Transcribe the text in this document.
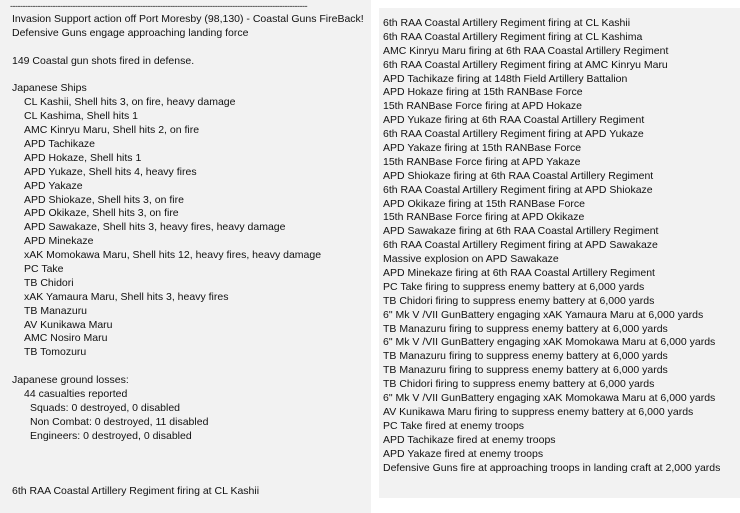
-----------------------------------------------------------------------------------------------------------------------
Invasion Support action off Port Moresby (98,130) - Coastal Guns FireBack!
Defensive Guns engage approaching landing force
149 Coastal gun shots fired in defense.
Japanese Ships
CL Kashii, Shell hits 3, on fire, heavy damage
CL Kashima, Shell hits 1
AMC Kinryu Maru, Shell hits 2, on fire
APD Tachikaze
APD Hokaze, Shell hits 1
APD Yukaze, Shell hits 4, heavy fires
APD Yakaze
APD Shiokaze, Shell hits 3, on fire
APD Okikaze, Shell hits 3, on fire
APD Sawakaze, Shell hits 3, heavy fires, heavy damage
APD Minekaze
xAK Momokawa Maru, Shell hits 12, heavy fires, heavy damage
PC Take
TB Chidori
xAK Yamaura Maru, Shell hits 3, heavy fires
TB Manazuru
AV Kunikawa Maru
AMC Nosiro Maru
TB Tomozuru
Japanese ground losses:
44 casualties reported
Squads: 0 destroyed, 0 disabled
Non Combat: 0 destroyed, 11 disabled
Engineers: 0 destroyed, 0 disabled
6th RAA Coastal Artillery Regiment firing at CL Kashii
6th RAA Coastal Artillery Regiment firing at CL Kashii
6th RAA Coastal Artillery Regiment firing at CL Kashima
AMC Kinryu Maru firing at 6th RAA Coastal Artillery Regiment
6th RAA Coastal Artillery Regiment firing at AMC Kinryu Maru
APD Tachikaze firing at 148th Field Artillery Battalion
APD Hokaze firing at 15th RANBase Force
15th RANBase Force firing at APD Hokaze
APD Yukaze firing at 6th RAA Coastal Artillery Regiment
6th RAA Coastal Artillery Regiment firing at APD Yukaze
APD Yakaze firing at 15th RANBase Force
15th RANBase Force firing at APD Yakaze
APD Shiokaze firing at 6th RAA Coastal Artillery Regiment
6th RAA Coastal Artillery Regiment firing at APD Shiokaze
APD Okikaze firing at 15th RANBase Force
15th RANBase Force firing at APD Okikaze
APD Sawakaze firing at 6th RAA Coastal Artillery Regiment
6th RAA Coastal Artillery Regiment firing at APD Sawakaze
Massive explosion on APD Sawakaze
APD Minekaze firing at 6th RAA Coastal Artillery Regiment
PC Take firing to suppress enemy battery at 6,000 yards
TB Chidori firing to suppress enemy battery at 6,000 yards
6" Mk V /VII GunBattery engaging xAK Yamaura Maru at 6,000 yards
TB Manazuru firing to suppress enemy battery at 6,000 yards
6" Mk V /VII GunBattery engaging xAK Momokawa Maru at 6,000 yards
TB Manazuru firing to suppress enemy battery at 6,000 yards
TB Manazuru firing to suppress enemy battery at 6,000 yards
TB Chidori firing to suppress enemy battery at 6,000 yards
6" Mk V /VII GunBattery engaging xAK Momokawa Maru at 6,000 yards
AV Kunikawa Maru firing to suppress enemy battery at 6,000 yards
PC Take fired at enemy troops
APD Tachikaze fired at enemy troops
APD Yakaze fired at enemy troops
Defensive Guns fire at approaching troops in landing craft at 2,000 yards
